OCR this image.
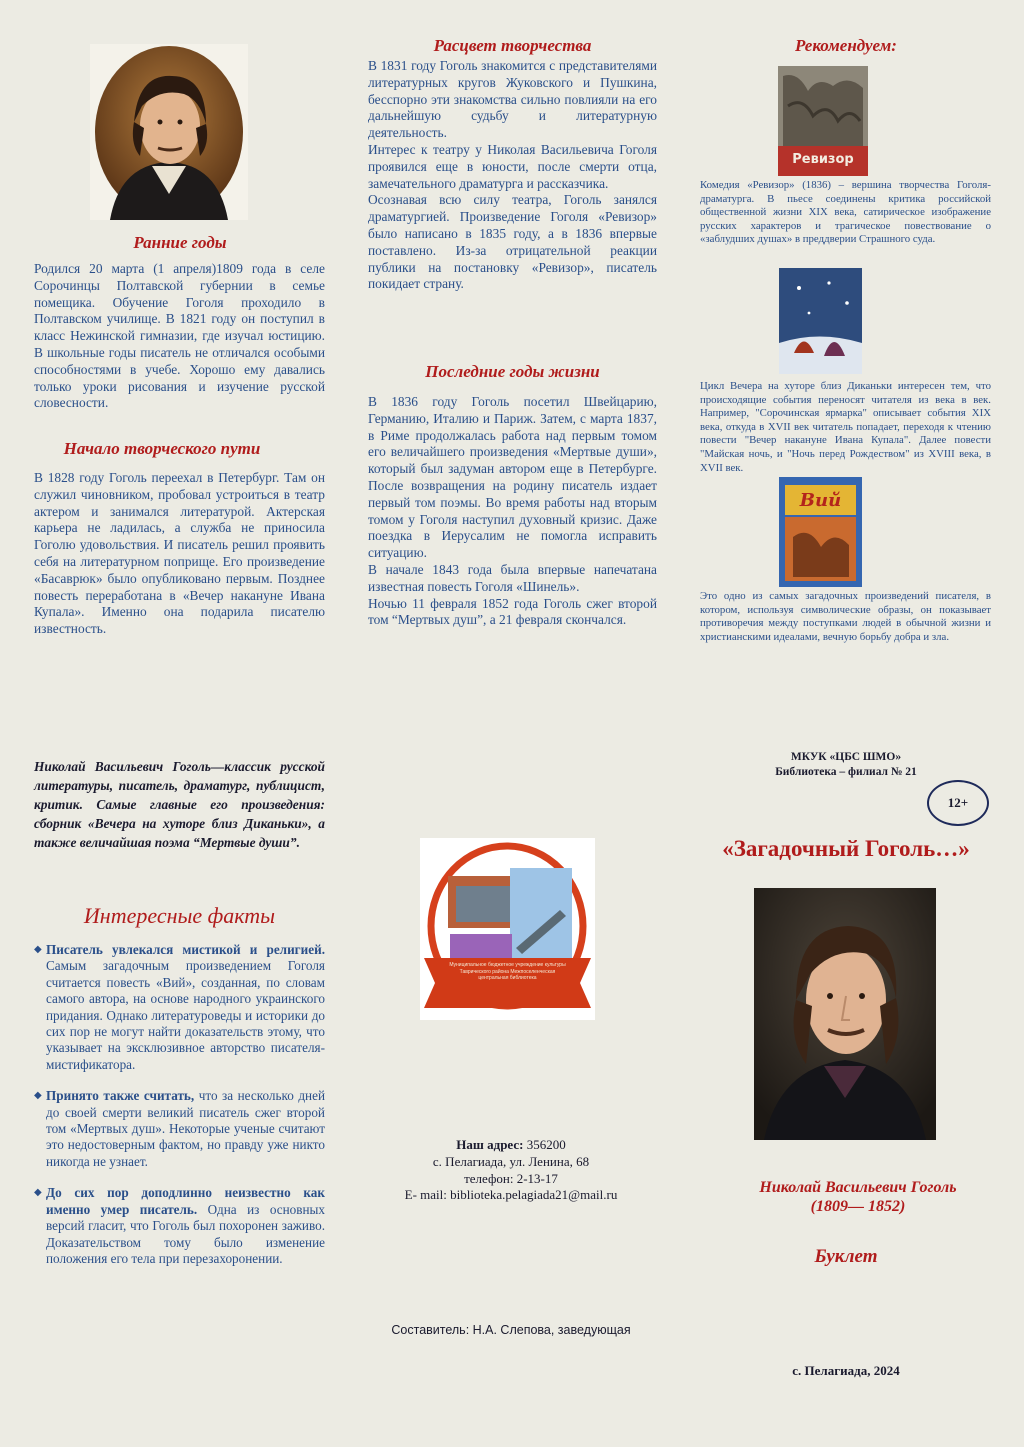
Ранние годы

Родился 20 марта (1 апреля)1809 года в селе Сорочинцы Полтавской губернии в семье помещика. Обучение Гоголя проходило в Полтавском училище. В 1821 году он поступил в класс Нежинской гимназии, где изучал юстицию. В школьные годы писатель не отличался особыми способностями в учебе. Хорошо ему давались только уроки рисования и изучение русской словесности.

Начало творческого пути

В 1828 году Гоголь переехал в Петербург. Там он служил чиновником, пробовал устроиться в театр актером и занимался литературой. Актерская карьера не ладилась, а служба не приносила Гоголю удовольствия. И писатель решил проявить себя на литературном поприще. Его произведение «Басаврюк» было опубликовано первым. Позднее повесть переработана в «Вечер накануне Ивана Купала». Именно она подарила писателю известность.

Расцвет творчества

В 1831 году Гоголь знакомится с представителями литературных кругов Жуковского и Пушкина, бесспорно эти знакомства сильно повлияли на его дальнейшую судьбу и литературную деятельность.

Интерес к театру у Николая Васильевича Гоголя проявился еще в юности, после смерти отца, замечательного драматурга и рассказчика.

Осознавая всю силу театра, Гоголь занялся драматургией. Произведение Гоголя «Ревизор» было написано в 1835 году, а в 1836 впервые поставлено. Из-за отрицательной реакции публики на постановку «Ревизор», писатель покидает страну.

Последние годы жизни

В 1836 году Гоголь посетил Швейцарию, Германию, Италию и Париж. Затем, с марта 1837, в Риме продолжалась работа над первым томом его величайшего произведения «Мертвые души», который был задуман автором еще в Петербурге. После возвращения на родину писатель издает первый том поэмы. Во время работы над вторым томом у Гоголя наступил духовный кризис. Даже поездка в Иерусалим не помогла исправить ситуацию.

В начале 1843 года была впервые напечатана известная повесть Гоголя «Шинель».

Ночью 11 февраля 1852 года Гоголь сжег второй том “Мертвых душ”, а 21 февраля скончался.

Рекомендуем:
Ревизор
Комедия «Ревизор» (1836) – вершина творчества Гоголя-драматурга. В пьесе соединены критика российской общественной жизни XIX века, сатирическое изображение русских характеров и трагическое повествование о «заблудших душах» в преддверии Страшного суда.
Цикл Вечера на хуторе близ Диканьки интересен тем, что происходящие события переносят читателя из века в век. Например, "Сорочинская ярмарка" описывает события XIX века, откуда в XVII век читатель попадает, переходя к чтению повести "Вечер накануне Ивана Купала". Далее повести "Майская ночь, и "Ночь перед Рождеством" из XVIII века, в XVII век.
Вий
Это одно из самых загадочных произведений писателя, в котором, используя символические образы, он показывает противоречия между поступками людей в обычной жизни и христианскими идеалами, вечную борьбу добра и зла.
Николай Васильевич Гоголь—классик русской литературы, писатель, драматург, публицист, критик. Самые главные его произведения: сборник «Вечера на хуторе близ Диканьки», а также величайшая поэма “Мертвые души”.
Интересные факты
◆ Писатель увлекался мистикой и религией. Самым загадочным произведением Гоголя считается повесть «Вий», созданная, по словам самого автора, на основе народного украинского придания. Однако литературоведы и историки до сих пор не могут найти доказательств этому, что указывает на эксклюзивное авторство писателя-мистификатора.
◆ Принято также считать, что за несколько дней до своей смерти великий писатель сжег второй том «Мертвых душ». Некоторые ученые считают это недостоверным фактом, но правду уже никто никогда не узнает.
◆ До сих пор доподлинно неизвестно как именно умер писатель. Одна из основных версий гласит, что Гоголь был похоронен заживо. Доказательством тому было изменение положения его тела при перезахоронении.
Муниципальное бюджетное учреждение культуры Таврического района Межпоселенческая центральная библиотека
Наш адрес: 356200
с. Пелагиада, ул. Ленина, 68
телефон: 2-13-17
E- mail: biblioteka.pelagiada21@mail.ru
Составитель: Н.А. Слепова, заведующая
МКУК «ЦБС ШМО»
Библиотека – филиал № 21
12+
«Загадочный Гоголь…»
Николай Васильевич Гоголь
(1809— 1852)
Буклет
с. Пелагиада, 2024
